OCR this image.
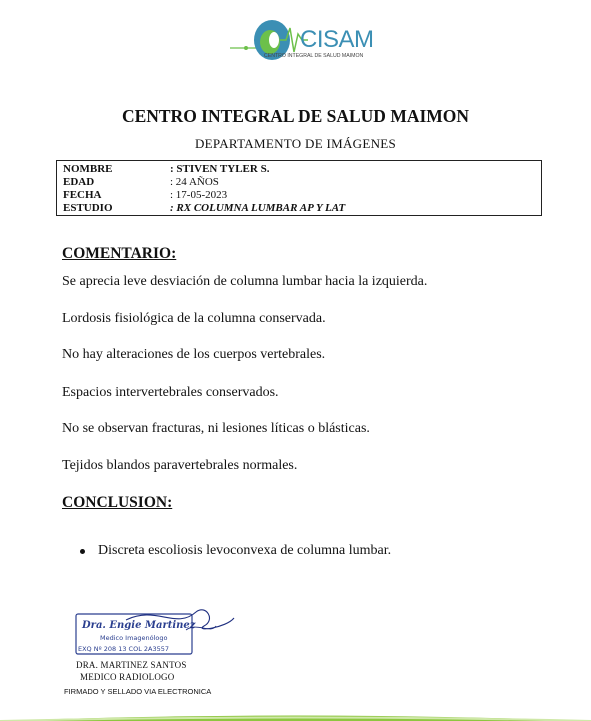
CISAM
CENTRO INTEGRAL DE SALUD MAIMON
CENTRO INTEGRAL DE SALUD MAIMON
DEPARTAMENTO DE IMÁGENES
NOMBRE	: STIVEN TYLER S.
EDAD	: 24 AÑOS
FECHA	: 17-05-2023
ESTUDIO	: RX COLUMNA LUMBAR AP Y LAT
COMENTARIO:
Se aprecia leve desviación de columna lumbar hacia la izquierda.
Lordosis fisiológica de la columna conservada.
No hay alteraciones de los cuerpos vertebrales.
Espacios intervertebrales conservados.
No se observan fracturas, ni lesiones líticas o blásticas.
Tejidos blandos paravertebrales normales.
CONCLUSION:
Discreta escoliosis levoconvexa de columna lumbar.
Dra. Engie Martinez
Medico Imagenólogo
EXQ Nº 208 13 COL 2A3557
DRA. MARTINEZ SANTOS
MEDICO RADIOLOGO
FIRMADO Y SELLADO VIA ELECTRONICA
